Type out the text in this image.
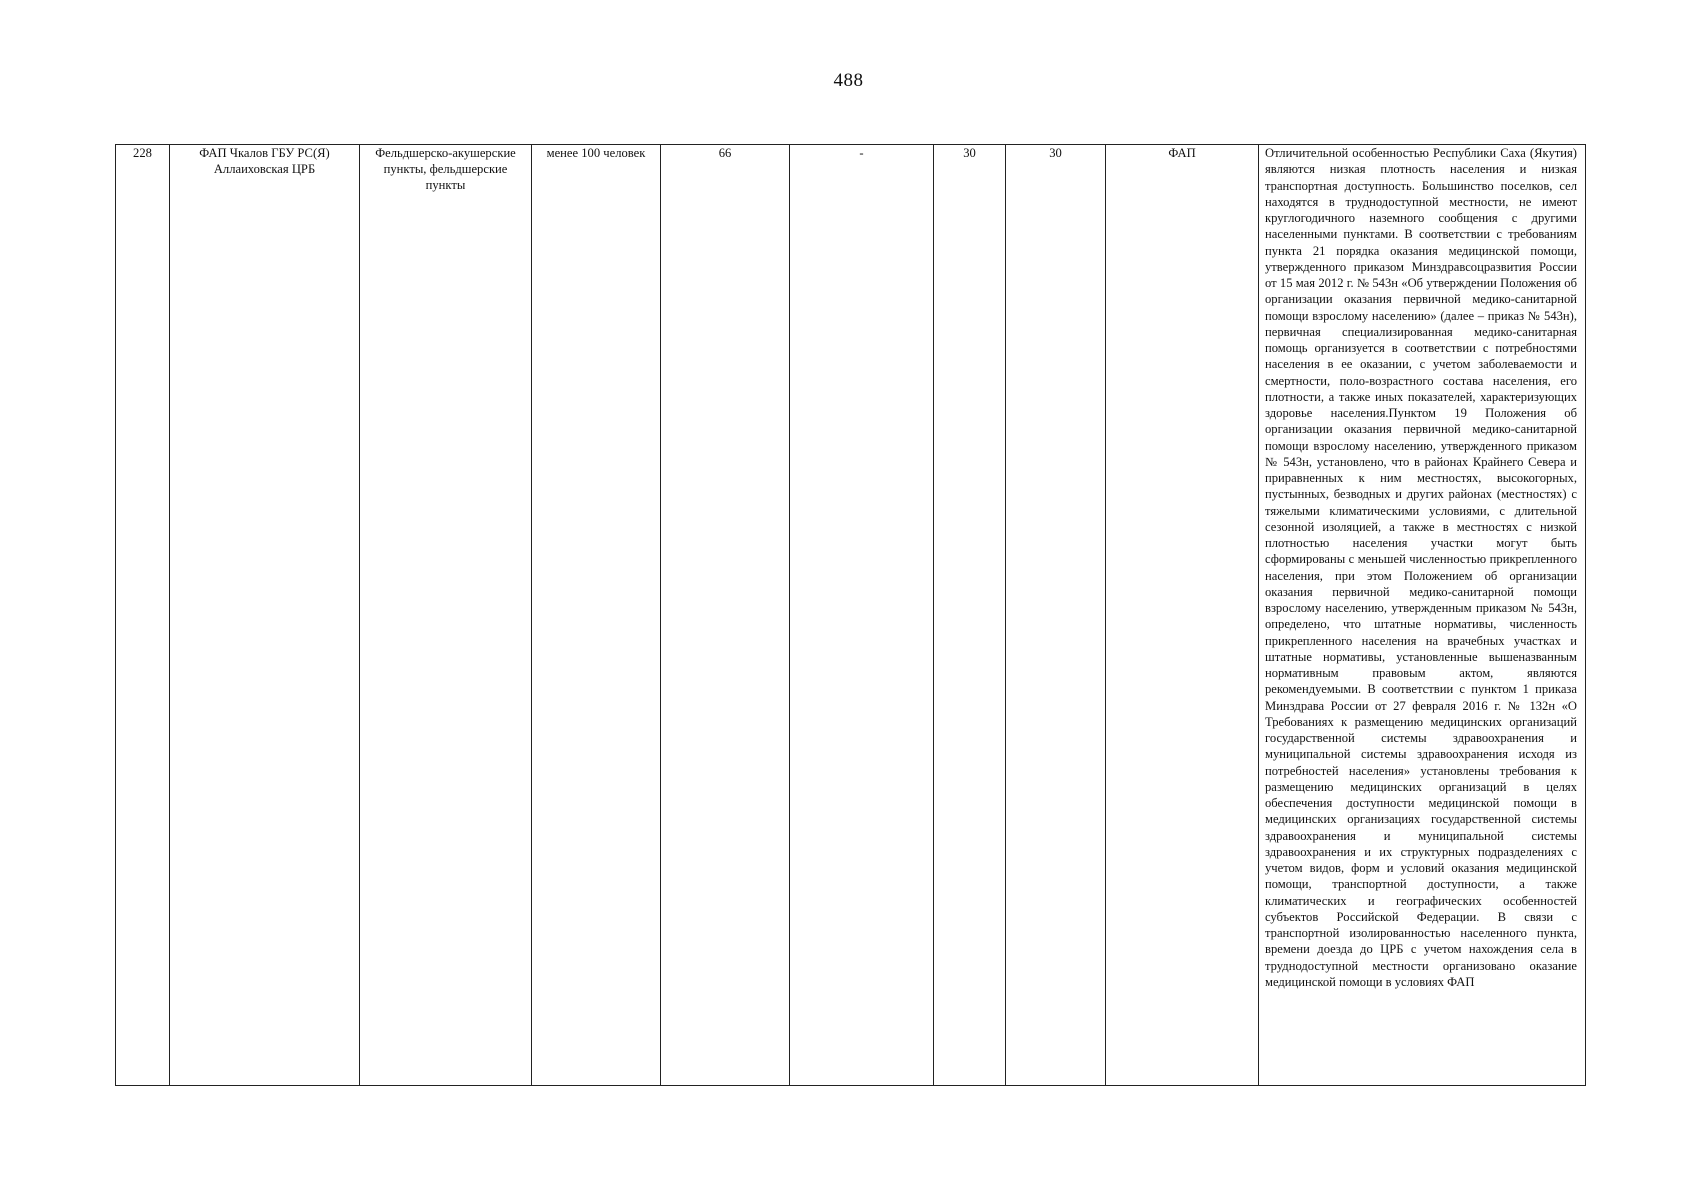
488
228	ФАП Чкалов ГБУ РС(Я) Аллаиховская ЦРБ	Фельдшерско-акушерские пункты, фельдшерские пункты	менее 100 человек	66	-	30	30	ФАП	Отличительной особенностью Республики Саха (Якутия) являются низкая плотность населения и низкая транспортная доступность. Большинство поселков, сел находятся в труднодоступной местности, не имеют круглогодичного наземного сообщения с другими населенными пунктами. В соответствии с требованиям пункта 21 порядка оказания медицинской помощи, утвержденного приказом Минздравсоцразвития России от 15 мая 2012 г. № 543н «Об утверждении Положения об организации оказания первичной медико-санитарной помощи взрослому населению» (далее – приказ № 543н), первичная специализированная медико-санитарная помощь организуется в соответствии с потребностями населения в ее оказании, с учетом заболеваемости и смертности, поло-возрастного состава населения, его плотности, а также иных показателей, характеризующих здоровье населения.Пунктом 19 Положения об организации оказания первичной медико-санитарной помощи взрослому населению, утвержденного приказом № 543н, установлено, что в районах Крайнего Севера и приравненных к ним местностях, высокогорных, пустынных, безводных и других районах (местностях) с тяжелыми климатическими условиями, с длительной сезонной изоляцией, а также в местностях с низкой плотностью населения участки могут быть сформированы с меньшей численностью прикрепленного населения, при этом Положением об организации оказания первичной медико-санитарной помощи взрослому населению, утвержденным приказом № 543н, определено, что штатные нормативы, численность прикрепленного населения на врачебных участках и штатные нормативы, установленные вышеназванным нормативным правовым актом, являются рекомендуемыми. В соответствии с пунктом 1 приказа Минздрава России от 27 февраля 2016 г. № 132н «О Требованиях к размещению медицинских организаций государственной системы здравоохранения и муниципальной системы здравоохранения исходя из потребностей населения» установлены требования к размещению медицинских организаций в целях обеспечения доступности медицинской помощи в медицинских организациях государственной системы здравоохранения и муниципальной системы здравоохранения и их структурных подразделениях с учетом видов, форм и условий оказания медицинской помощи, транспортной доступности, а также климатических и географических особенностей субъектов Российской Федерации. В связи с транспортной изолированностью населенного пункта, времени доезда до ЦРБ с учетом нахождения села в труднодоступной местности организовано оказание медицинской помощи в условиях ФАП
